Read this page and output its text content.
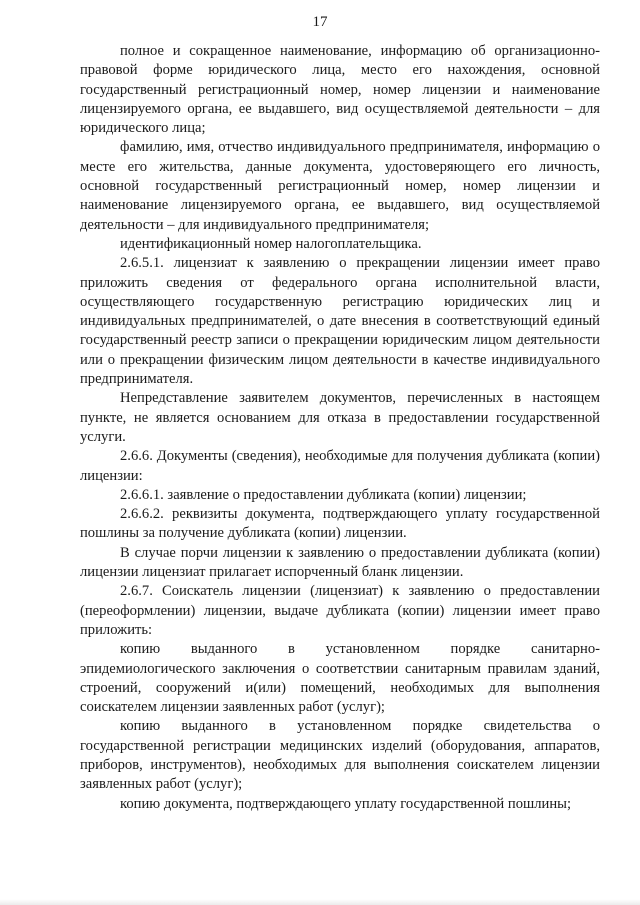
17

полное и сокращенное наименование, информацию об организационно-правовой форме юридического лица, место его нахождения, основной государственный регистрационный номер, номер лицензии и наименование лицензируемого органа, ее выдавшего, вид осуществляемой деятельности – для юридического лица;

фамилию, имя, отчество индивидуального предпринимателя, информацию о месте его жительства, данные документа, удостоверяющего его личность, основной государственный регистрационный номер, номер лицензии и наименование лицензируемого органа, ее выдавшего, вид осуществляемой деятельности – для индивидуального предпринимателя;

идентификационный номер налогоплательщика.

2.6.5.1. лицензиат к заявлению о прекращении лицензии имеет право приложить сведения от федерального органа исполнительной власти, осуществляющего государственную регистрацию юридических лиц и индивидуальных предпринимателей, о дате внесения в соответствующий единый государственный реестр записи о прекращении юридическим лицом деятельности или о прекращении физическим лицом деятельности в качестве индивидуального предпринимателя.

Непредставление заявителем документов, перечисленных в настоящем пункте, не является основанием для отказа в предоставлении государственной услуги.

2.6.6. Документы (сведения), необходимые для получения дубликата (копии) лицензии:

2.6.6.1. заявление о предоставлении дубликата (копии) лицензии;

2.6.6.2. реквизиты документа, подтверждающего уплату государственной пошлины за получение дубликата (копии) лицензии.

В случае порчи лицензии к заявлению о предоставлении дубликата (копии) лицензии лицензиат прилагает испорченный бланк лицензии.

2.6.7. Соискатель лицензии (лицензиат) к заявлению о предоставлении (переоформлении) лицензии, выдаче дубликата (копии) лицензии имеет право приложить:

копию выданного в установленном порядке санитарно-эпидемиологического заключения о соответствии санитарным правилам зданий, строений, сооружений и(или) помещений, необходимых для выполнения соискателем лицензии заявленных работ (услуг);

копию выданного в установленном порядке свидетельства о государственной регистрации медицинских изделий (оборудования, аппаратов, приборов, инструментов), необходимых для выполнения соискателем лицензии заявленных работ (услуг);

копию документа, подтверждающего уплату государственной пошлины;
